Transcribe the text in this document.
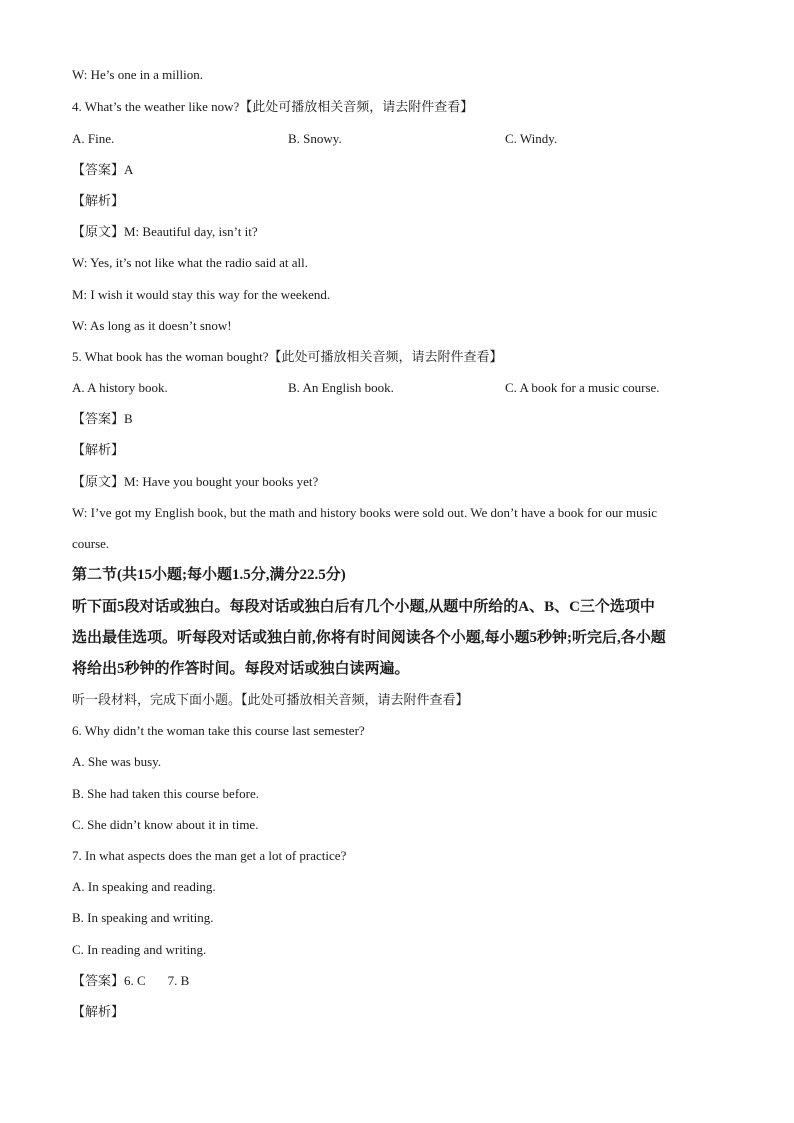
W: He’s one in a million.
4. What’s the weather like now?【此处可播放相关音频，请去附件查看】
A. Fine.	B. Snowy.	C. Windy.
【答案】A
【解析】
【原文】M: Beautiful day, isn’t it?
W: Yes, it’s not like what the radio said at all.
M: I wish it would stay this way for the weekend.
W: As long as it doesn’t snow!
5. What book has the woman bought?【此处可播放相关音频，请去附件查看】
A. A history book.	B. An English book.	C. A book for a music course.
【答案】B
【解析】
【原文】M: Have you bought your books yet?
W: I’ve got my English book, but the math and history books were sold out. We don’t have a book for our music
course.
第二节(共15小题;每小题1.5分,满分22.5分)
听下面5段对话或独白。每段对话或独白后有几个小题,从题中所给的A、B、C三个选项中
选出最佳选项。听每段对话或独白前,你将有时间阅读各个小题,每小题5秒钟;听完后,各小题
将给出5秒钟的作答时间。每段对话或独白读两遍。
听一段材料，完成下面小题。【此处可播放相关音频，请去附件查看】
6. Why didn’t the woman take this course last semester?
A. She was busy.
B. She had taken this course before.
C. She didn’t know about it in time.
7. In what aspects does the man get a lot of practice?
A. In speaking and reading.
B. In speaking and writing.
C. In reading and writing.
【答案】6. C 7. B
【解析】
